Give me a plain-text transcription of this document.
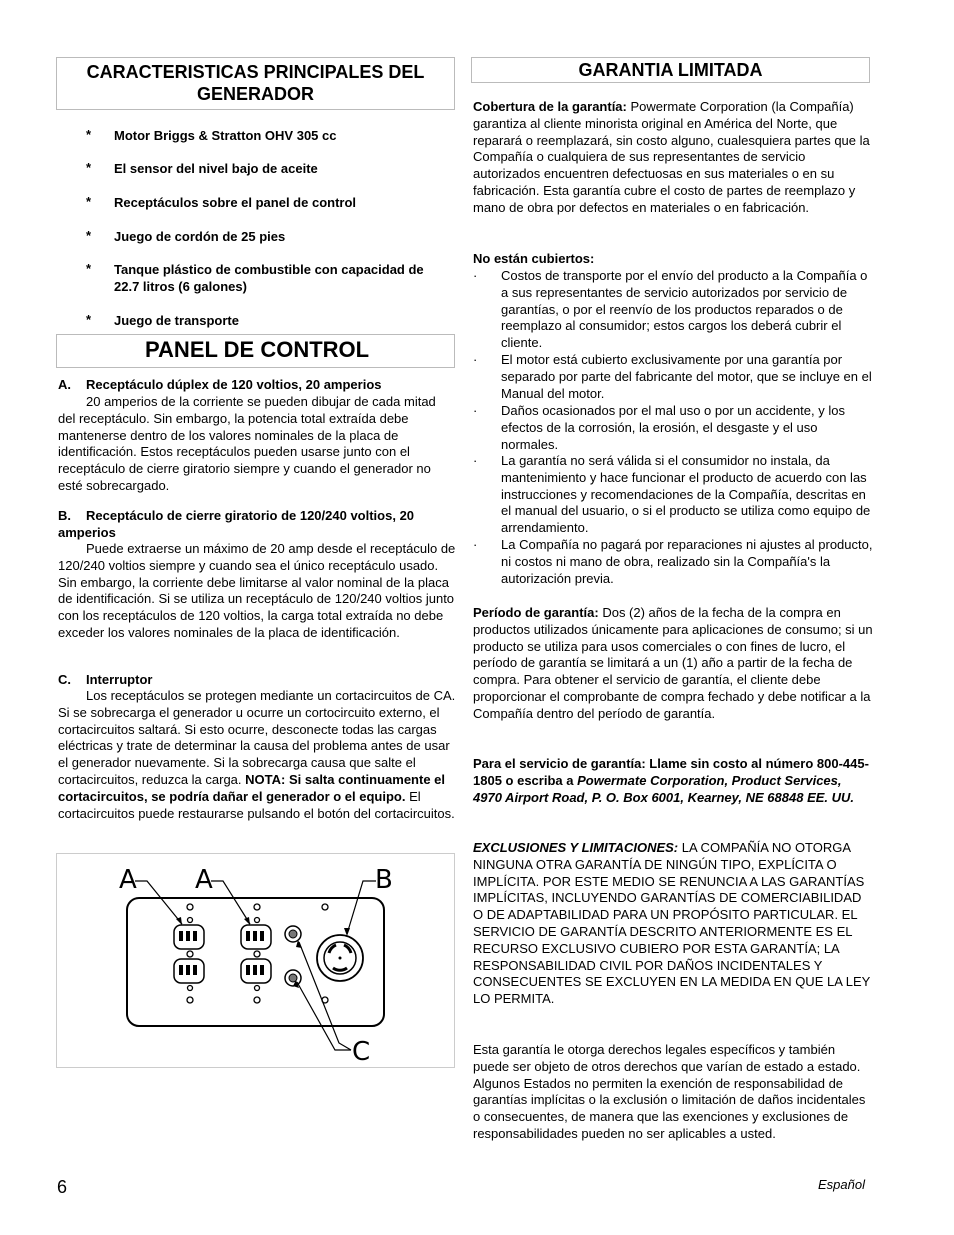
CARACTERISTICAS PRINCIPALES DEL GENERADOR
* Motor Briggs & Stratton OHV 305 cc
* El sensor del nivel bajo de aceite
* Receptáculos sobre el panel de control
* Juego de cordón de 25 pies
* Tanque plástico de combustible con capacidad de 22.7 litros (6 galones)
* Juego de transporte
PANEL DE CONTROL
A. Receptáculo dúplex de 120 voltios, 20 amperios
20 amperios de la corriente se pueden dibujar de cada mitad del receptáculo. Sin embargo, la potencia total extraída debe mantenerse dentro de los valores nominales de la placa de identificación. Estos receptáculos pueden usarse junto con el receptáculo de cierre giratorio siempre y cuando el generador no esté sobrecargado.
B. Receptáculo de cierre giratorio de 120/240 voltios, 20 amperios
Puede extraerse un máximo de 20 amp desde el receptáculo de 120/240 voltios siempre y cuando sea el único receptáculo usado. Sin embargo, la corriente debe limitarse al valor nominal de la placa de identificación. Si se utiliza un receptáculo de 120/240 voltios junto con los receptáculos de 120 voltios, la carga total extraída no debe exceder los valores nominales de la placa de identificación.
C. Interruptor
Los receptáculos se protegen mediante un cortacircuitos de CA. Si se sobrecarga el generador u ocurre un cortocircuito externo, el cortacircuitos saltará. Si esto ocurre, desconecte todas las cargas eléctricas y trate de determinar la causa del problema antes de usar el generador nuevamente. Si la sobrecarga causa que salte el cortacircuitos, reduzca la carga. NOTA: Si salta continuamente el cortacircuitos, se podría dañar el generador o el equipo. El cortacircuitos puede restaurarse pulsando el botón del cortacircuitos.
A A	B
C
GARANTIA LIMITADA
Cobertura de la garantía: Powermate Corporation (la Compañía) garantiza al cliente minorista original en América del Norte, que reparará o reemplazará, sin costo alguno, cualesquiera partes que la Compañía o cualquiera de sus representantes de servicio autorizados encuentren defectuosas en sus materiales o en su fabricación. Esta garantía cubre el costo de partes de reemplazo y mano de obra por defectos en materiales o en fabricación.
No están cubiertos:
· Costos de transporte por el envío del producto a la Compañía o a sus representantes de servicio autorizados por servicio de garantías, o por el reenvío de los productos reparados o de reemplazo al consumidor; estos cargos los deberá cubrir el cliente.
· El motor está cubierto exclusivamente por una garantía por separado por parte del fabricante del motor, que se incluye en el Manual del motor.
· Daños ocasionados por el mal uso o por un accidente, y los efectos de la corrosión, la erosión, el desgaste y el uso normales.
· La garantía no será válida si el consumidor no instala, da mantenimiento y hace funcionar el producto de acuerdo con las instrucciones y recomendaciones de la Compañía, descritas en el manual del usuario, o si el producto se utiliza como equipo de arrendamiento.
· La Compañía no pagará por reparaciones ni ajustes al producto, ni costos ni mano de obra, realizado sin la Compañía's la autorización previa.
Período de garantía: Dos (2) años de la fecha de la compra en productos utilizados únicamente para aplicaciones de consumo; si un producto se utiliza para usos comerciales o con fines de lucro, el período de garantía se limitará a un (1) año a partir de la fecha de compra. Para obtener el servicio de garantía, el cliente debe proporcionar el comprobante de compra fechado y debe notificar a la Compañía dentro del período de garantía.
Para el servicio de garantía: Llame sin costo al número 800-445-1805 o escriba a Powermate Corporation, Product Services, 4970 Airport Road, P. O. Box 6001, Kearney, NE 68848 EE. UU.
EXCLUSIONES Y LIMITACIONES: LA COMPAÑÍA NO OTORGA NINGUNA OTRA GARANTÍA DE NINGÚN TIPO, EXPLÍCITA O IMPLÍCITA. POR ESTE MEDIO SE RENUNCIA A LAS GARANTÍAS IMPLÍCITAS, INCLUYENDO GARANTÍAS DE COMERCIABILIDAD O DE ADAPTABILIDAD PARA UN PROPÓSITO PARTICULAR. EL SERVICIO DE GARANTÍA DESCRITO ANTERIORMENTE ES EL RECURSO EXCLUSIVO CUBIERO POR ESTA GARANTÍA; LA RESPONSABILIDAD CIVIL POR DAÑOS INCIDENTALES Y CONSECUENTES SE EXCLUYEN EN LA MEDIDA EN QUE LA LEY LO PERMITA.
Esta garantía le otorga derechos legales específicos y también puede ser objeto de otros derechos que varían de estado a estado. Algunos Estados no permiten la exención de responsabilidad de garantías implícitas o la exclusión o limitación de daños incidentales o consecuentes, de manera que las exenciones y exclusiones de responsabilidades pueden no ser aplicables a usted.
6	Español
